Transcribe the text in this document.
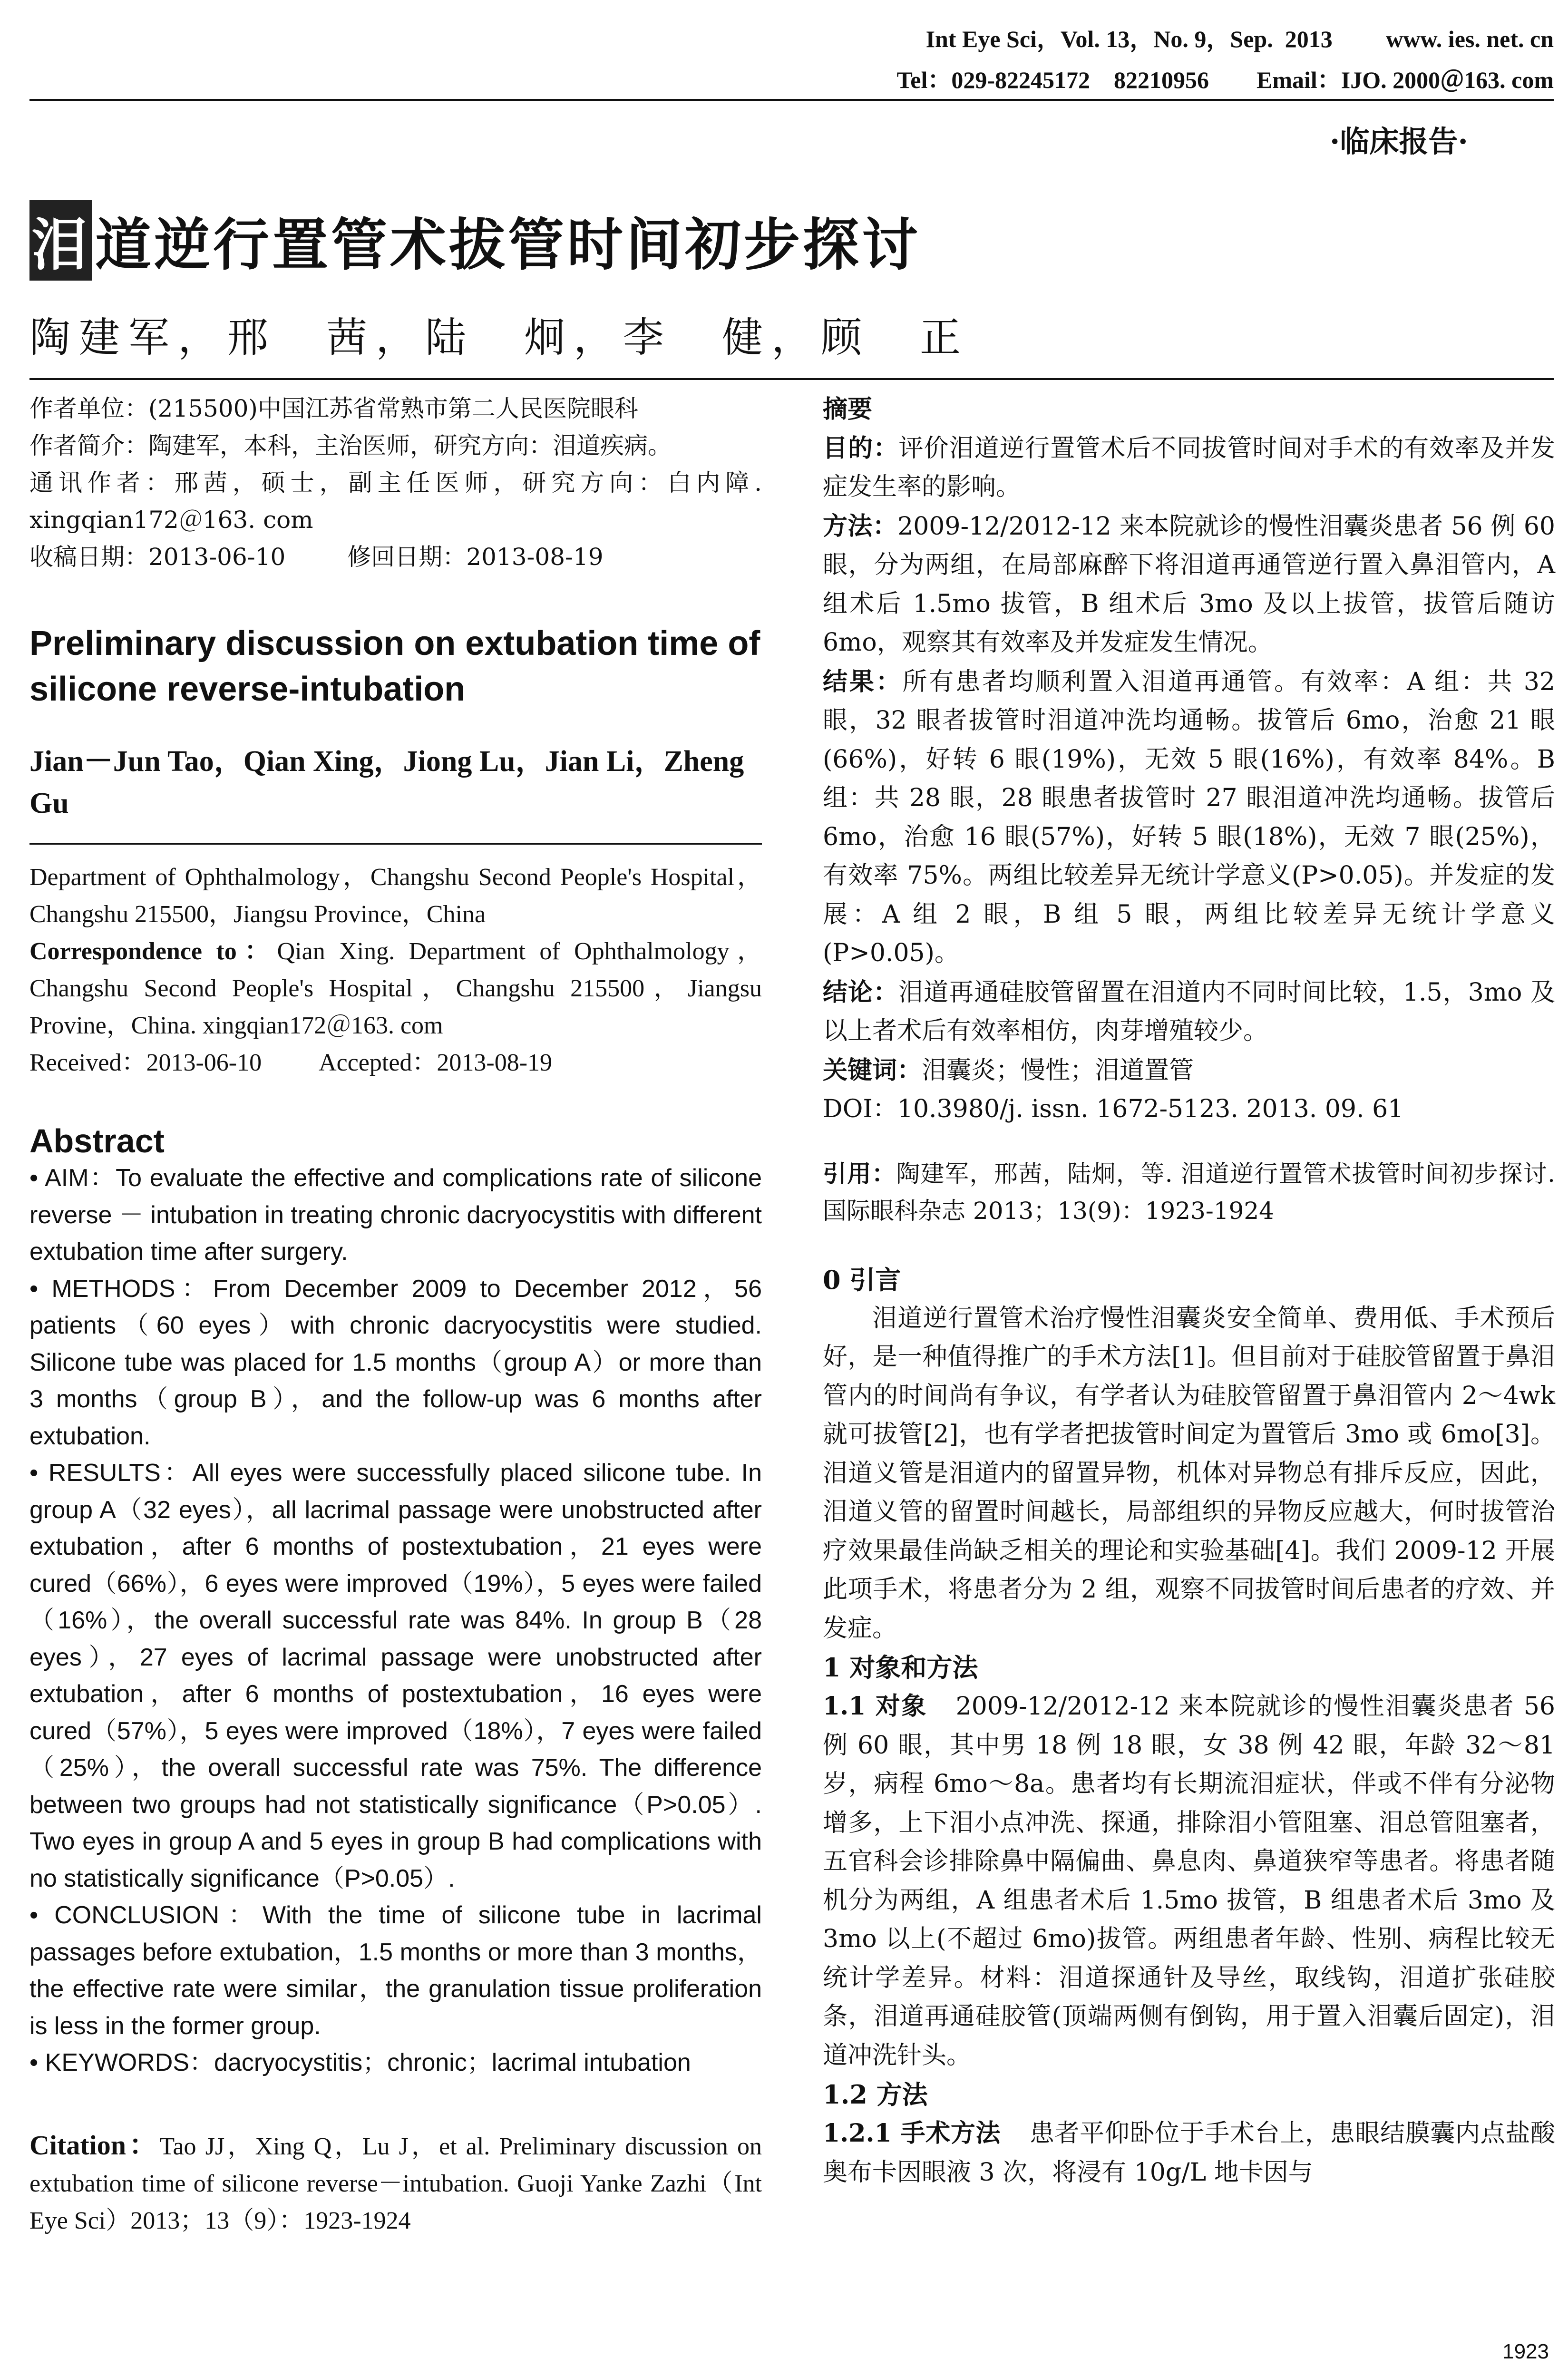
Int Eye Sci，Vol. 13，No. 9，Sep.  2013         www. ies. net. cn
Tel：029-82245172    82210956        Email：IJO. 2000＠163. com
·临床报告·
泪 道逆行置管术拔管时间初步探讨
陶建军，邢　茜，陆　炯，李　健，顾　正

作者单位：(215500)中国江苏省常熟市第二人民医院眼科

作者简介：陶建军，本科，主治医师，研究方向：泪道疾病。

通讯作者：邢茜，硕士，副主任医师，研究方向：白内障. xingqian172＠163. com

收稿日期：2013-06-10	修回日期：2013-08-19

Preliminary discussion on extubation time of silicone reverse-intubation
Jian－Jun Tao，Qian Xing，Jiong Lu，Jian Li，Zheng Gu

Department of Ophthalmology，Changshu Second People's Hospital，Changshu 215500，Jiangsu Province，China

Correspondence to：Qian Xing. Department of Ophthalmology，Changshu Second People's Hospital，Changshu 215500，Jiangsu Provine，China. xingqian172＠163. com

Received：2013-06-10 Accepted：2013-08-19

Abstract

• AIM：To evaluate the effective and complications rate of silicone reverse － intubation in treating chronic dacryocystitis with different extubation time after surgery.

• METHODS：From December 2009 to December 2012，56 patients（60 eyes）with chronic dacryocystitis were studied. Silicone tube was placed for 1.5 months（group A）or more than 3 months（group B），and the follow-up was 6 months after extubation.

• RESULTS：All eyes were successfully placed silicone tube. In group A（32 eyes），all lacrimal passage were unobstructed after extubation，after 6 months of postextubation，21 eyes were cured（66%），6 eyes were improved（19%），5 eyes were failed（16%），the overall successful rate was 84%. In group B（28 eyes），27 eyes of lacrimal passage were unobstructed after extubation，after 6 months of postextubation，16 eyes were cured（57%），5 eyes were improved（18%），7 eyes were failed（25%），the overall successful rate was 75%. The difference between two groups had not statistically significance（P>0.05）. Two eyes in group A and 5 eyes in group B had complications with no statistically significance（P>0.05）.

• CONCLUSION：With the time of silicone tube in lacrimal passages before extubation，1.5 months or more than 3 months，the effective rate were similar，the granulation tissue proliferation is less in the former group.

• KEYWORDS：dacryocystitis；chronic；lacrimal intubation

Citation：Tao JJ，Xing Q，Lu J，et al. Preliminary discussion on extubation time of silicone reverse－intubation. Guoji Yanke Zazhi（Int Eye Sci）2013；13（9）：1923-1924

摘要

目的：评价泪道逆行置管术后不同拔管时间对手术的有效率及并发症发生率的影响。

方法：2009-12/2012-12 来本院就诊的慢性泪囊炎患者 56 例 60 眼，分为两组，在局部麻醉下将泪道再通管逆行置入鼻泪管内，A 组术后 1.5mo 拔管，B 组术后 3mo 及以上拔管，拔管后随访 6mo，观察其有效率及并发症发生情况。

结果：所有患者均顺利置入泪道再通管。有效率：A 组：共 32 眼，32 眼者拔管时泪道冲洗均通畅。拔管后 6mo，治愈 21 眼(66%)，好转 6 眼(19%)，无效 5 眼(16%)，有效率 84%。B 组：共 28 眼，28 眼患者拔管时 27 眼泪道冲洗均通畅。拔管后 6mo，治愈 16 眼(57%)，好转 5 眼(18%)，无效 7 眼(25%)，有效率 75%。两组比较差异无统计学意义(P>0.05)。并发症的发展：A 组 2 眼，B 组 5 眼，两组比较差异无统计学意义(P>0.05)。

结论：泪道再通硅胶管留置在泪道内不同时间比较，1.5，3mo 及以上者术后有效率相仿，肉芽增殖较少。

关键词：泪囊炎；慢性；泪道置管

DOI：10.3980/j. issn. 1672-5123. 2013. 09. 61

引用：陶建军，邢茜，陆炯，等. 泪道逆行置管术拔管时间初步探讨. 国际眼科杂志 2013；13(9)：1923-1924

0 引言

泪道逆行置管术治疗慢性泪囊炎安全简单、费用低、手术预后好，是一种值得推广的手术方法[1]。但目前对于硅胶管留置于鼻泪管内的时间尚有争议，有学者认为硅胶管留置于鼻泪管内 2～4wk 就可拔管[2]，也有学者把拔管时间定为置管后 3mo 或 6mo[3]。泪道义管是泪道内的留置异物，机体对异物总有排斥反应，因此，泪道义管的留置时间越长，局部组织的异物反应越大，何时拔管治疗效果最佳尚缺乏相关的理论和实验基础[4]。我们 2009-12 开展此项手术，将患者分为 2 组，观察不同拔管时间后患者的疗效、并发症。

1 对象和方法

1.1 对象 2009-12/2012-12 来本院就诊的慢性泪囊炎患者 56 例 60 眼，其中男 18 例 18 眼，女 38 例 42 眼，年龄 32～81 岁，病程 6mo～8a。患者均有长期流泪症状，伴或不伴有分泌物增多，上下泪小点冲洗、探通，排除泪小管阻塞、泪总管阻塞者，五官科会诊排除鼻中隔偏曲、鼻息肉、鼻道狭窄等患者。将患者随机分为两组，A 组患者术后 1.5mo 拔管，B 组患者术后 3mo 及 3mo 以上(不超过 6mo)拔管。两组患者年龄、性别、病程比较无统计学差异。材料：泪道探通针及导丝，取线钩，泪道扩张硅胶条，泪道再通硅胶管(顶端两侧有倒钩，用于置入泪囊后固定)，泪道冲洗针头。

1.2 方法

1.2.1 手术方法 患者平仰卧位于手术台上，患眼结膜囊内点盐酸奥布卡因眼液 3 次，将浸有 10g/L 地卡因与

1923
